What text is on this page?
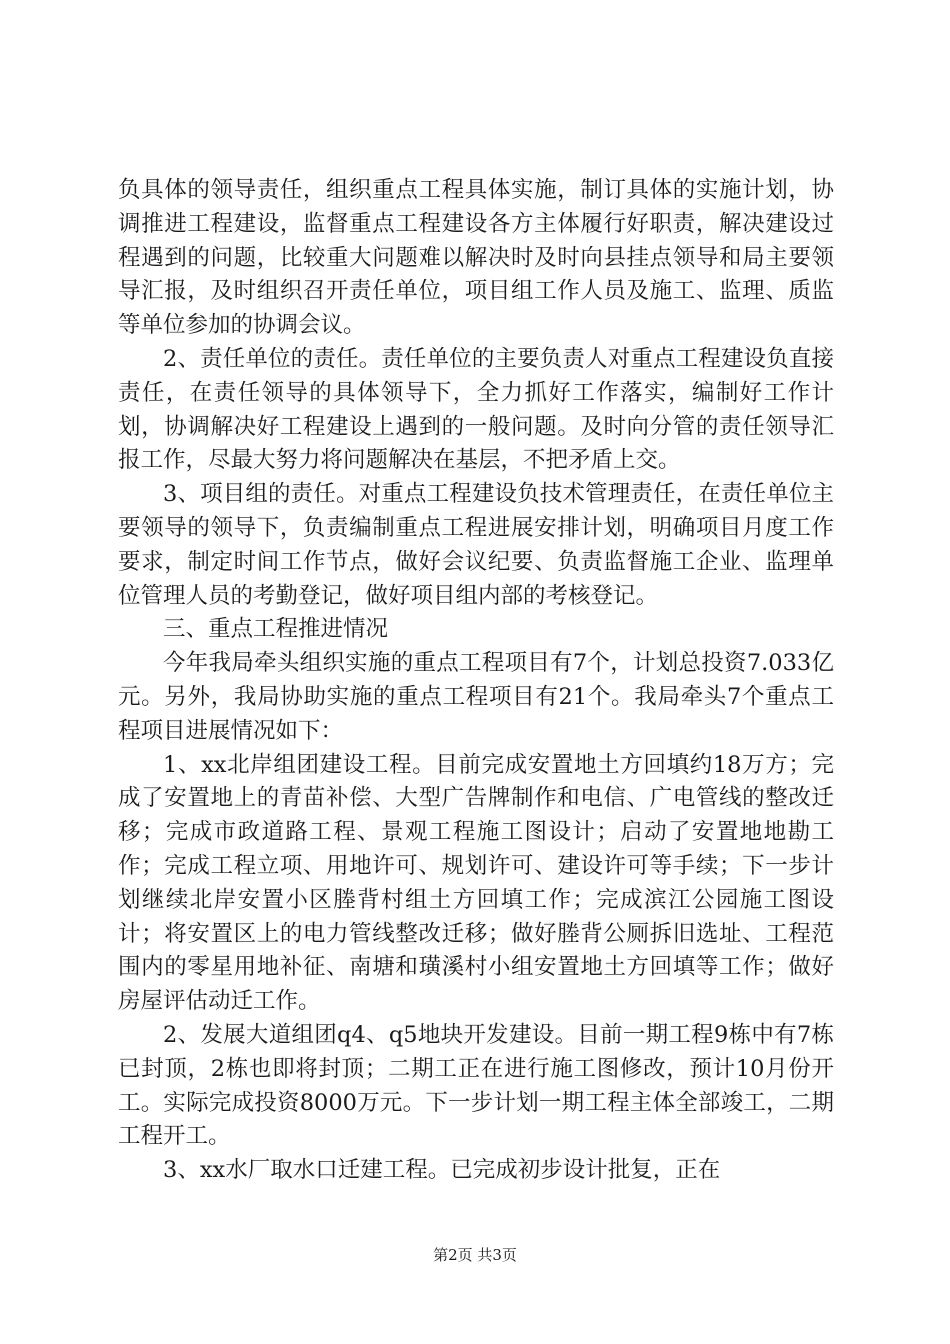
负具体的领导责任，组织重点工程具体实施，制订具体的实施计划，协调推进工程建设，监督重点工程建设各方主体履行好职责，解决建设过程遇到的问题，比较重大问题难以解决时及时向县挂点领导和局主要领导汇报，及时组织召开责任单位，项目组工作人员及施工、监理、质监等单位参加的协调会议。

2、责任单位的责任。责任单位的主要负责人对重点工程建设负直接责任，在责任领导的具体领导下，全力抓好工作落实，编制好工作计划，协调解决好工程建设上遇到的一般问题。及时向分管的责任领导汇报工作，尽最大努力将问题解决在基层，不把矛盾上交。

3、项目组的责任。对重点工程建设负技术管理责任，在责任单位主要领导的领导下，负责编制重点工程进展安排计划，明确项目月度工作要求，制定时间工作节点，做好会议纪要、负责监督施工企业、监理单位管理人员的考勤登记，做好项目组内部的考核登记。

三、重点工程推进情况

今年我局牵头组织实施的重点工程项目有7个，计划总投资7.033亿元。另外，我局协助实施的重点工程项目有21个。我局牵头7个重点工程项目进展情况如下：

1、xx北岸组团建设工程。目前完成安置地土方回填约18万方；完成了安置地上的青苗补偿、大型广告牌制作和电信、广电管线的整改迁移；完成市政道路工程、景观工程施工图设计；启动了安置地地勘工作；完成工程立项、用地许可、规划许可、建设许可等手续；下一步计划继续北岸安置小区塍背村组土方回填工作；完成滨江公园施工图设计；将安置区上的电力管线整改迁移；做好塍背公厕拆旧选址、工程范围内的零星用地补征、南塘和璜溪村小组安置地土方回填等工作；做好房屋评估动迁工作。

2、发展大道组团q4、q5地块开发建设。目前一期工程9栋中有7栋已封顶，2栋也即将封顶；二期工正在进行施工图修改，预计10月份开工。实际完成投资8000万元。下一步计划一期工程主体全部竣工，二期工程开工。

3、xx水厂取水口迁建工程。已完成初步设计批复，正在

第2页 共3页
